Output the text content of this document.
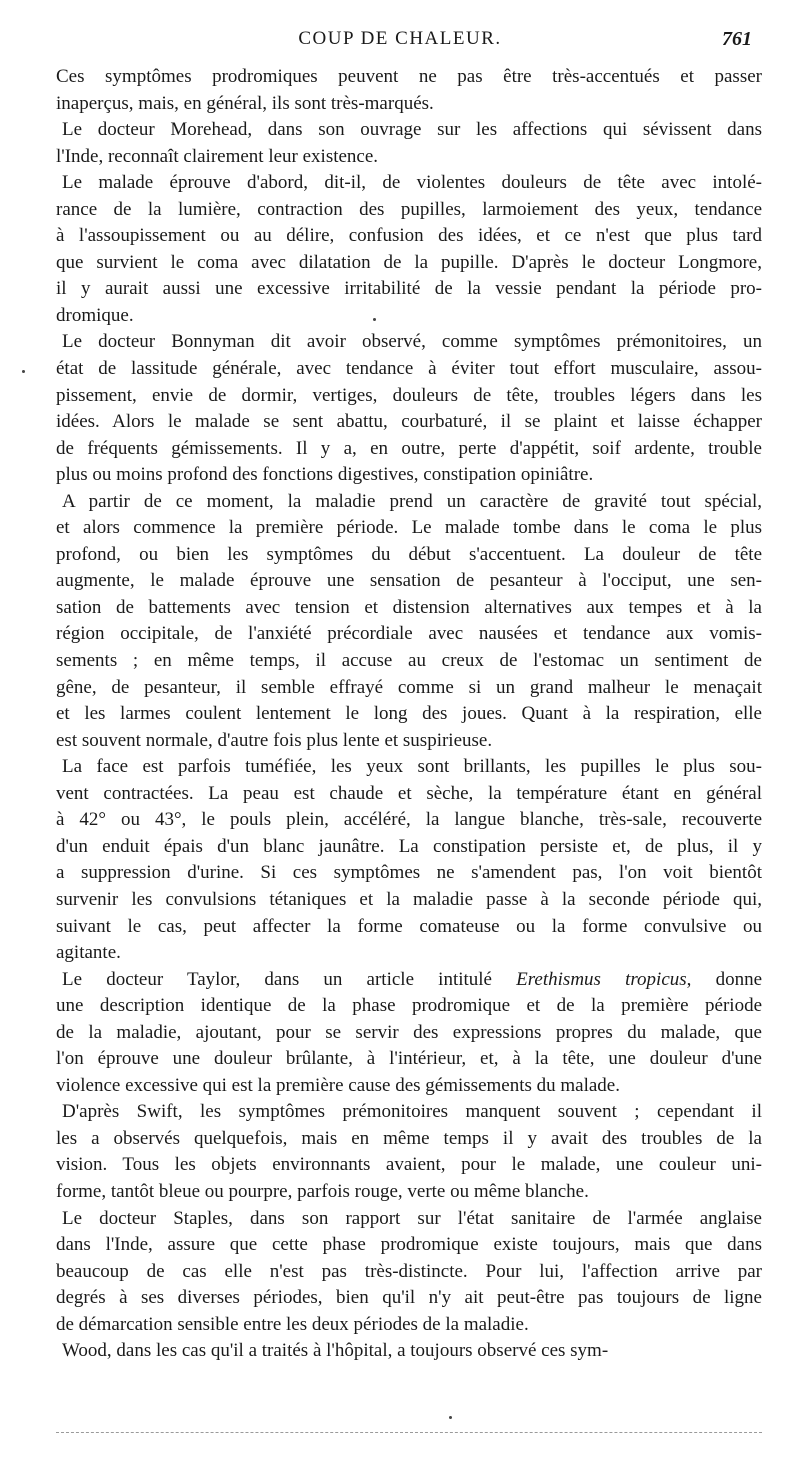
COUP DE CHALEUR.	761
Ces symptômes prodromiques peuvent ne pas être très-accentués et passer
inaperçus, mais, en général, ils sont très-marqués.
Le docteur Morehead, dans son ouvrage sur les affections qui sévissent dans
l'Inde, reconnaît clairement leur existence.
Le malade éprouve d'abord, dit-il, de violentes douleurs de tête avec intolé-
rance de la lumière, contraction des pupilles, larmoiement des yeux, tendance
à l'assoupissement ou au délire, confusion des idées, et ce n'est que plus tard
que survient le coma avec dilatation de la pupille. D'après le docteur Longmore,
il y aurait aussi une excessive irritabilité de la vessie pendant la période pro-
dromique.
Le docteur Bonnyman dit avoir observé, comme symptômes prémonitoires, un
état de lassitude générale, avec tendance à éviter tout effort musculaire, assou-
pissement, envie de dormir, vertiges, douleurs de tête, troubles légers dans les
idées. Alors le malade se sent abattu, courbaturé, il se plaint et laisse échapper
de fréquents gémissements. Il y a, en outre, perte d'appétit, soif ardente, trouble
plus ou moins profond des fonctions digestives, constipation opiniâtre.
A partir de ce moment, la maladie prend un caractère de gravité tout spécial,
et alors commence la première période. Le malade tombe dans le coma le plus
profond, ou bien les symptômes du début s'accentuent. La douleur de tête
augmente, le malade éprouve une sensation de pesanteur à l'occiput, une sen-
sation de battements avec tension et distension alternatives aux tempes et à la
région occipitale, de l'anxiété précordiale avec nausées et tendance aux vomis-
sements ; en même temps, il accuse au creux de l'estomac un sentiment de
gêne, de pesanteur, il semble effrayé comme si un grand malheur le menaçait
et les larmes coulent lentement le long des joues. Quant à la respiration, elle
est souvent normale, d'autre fois plus lente et suspirieuse.
La face est parfois tuméfiée, les yeux sont brillants, les pupilles le plus sou-
vent contractées. La peau est chaude et sèche, la température étant en général
à 42° ou 43°, le pouls plein, accéléré, la langue blanche, très-sale, recouverte
d'un enduit épais d'un blanc jaunâtre. La constipation persiste et, de plus, il y
a suppression d'urine. Si ces symptômes ne s'amendent pas, l'on voit bientôt
survenir les convulsions tétaniques et la maladie passe à la seconde période qui,
suivant le cas, peut affecter la forme comateuse ou la forme convulsive ou
agitante.
Le docteur Taylor, dans un article intitulé Erethismus tropicus, donne
une description identique de la phase prodromique et de la première période
de la maladie, ajoutant, pour se servir des expressions propres du malade, que
l'on éprouve une douleur brûlante, à l'intérieur, et, à la tête, une douleur d'une
violence excessive qui est la première cause des gémissements du malade.
D'après Swift, les symptômes prémonitoires manquent souvent ; cependant il
les a observés quelquefois, mais en même temps il y avait des troubles de la
vision. Tous les objets environnants avaient, pour le malade, une couleur uni-
forme, tantôt bleue ou pourpre, parfois rouge, verte ou même blanche.
Le docteur Staples, dans son rapport sur l'état sanitaire de l'armée anglaise
dans l'Inde, assure que cette phase prodromique existe toujours, mais que dans
beaucoup de cas elle n'est pas très-distincte. Pour lui, l'affection arrive par
degrés à ses diverses périodes, bien qu'il n'y ait peut-être pas toujours de ligne
de démarcation sensible entre les deux périodes de la maladie.
Wood, dans les cas qu'il a traités à l'hôpital, a toujours observé ces sym-
